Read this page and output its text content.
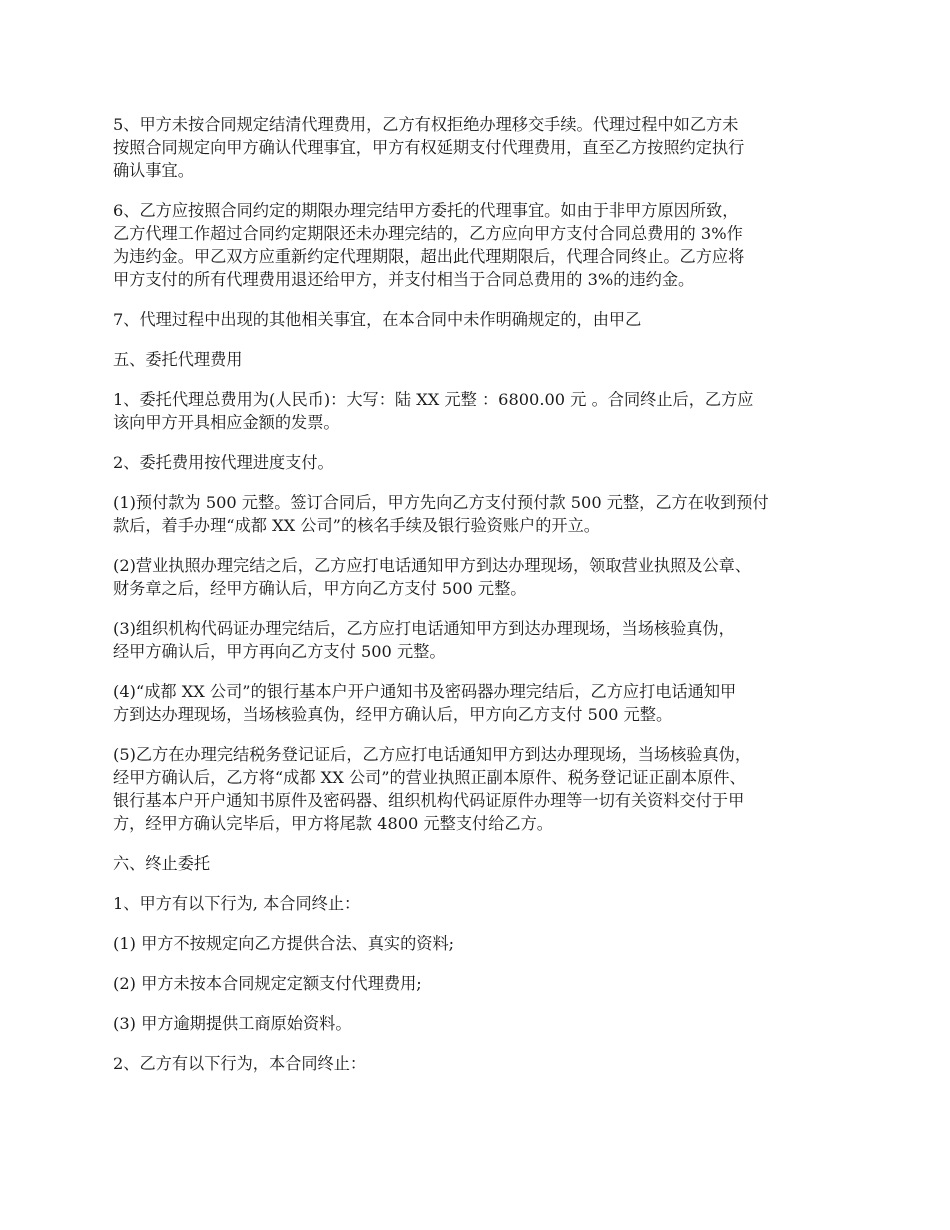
5、甲方未按合同规定结清代理费用，乙方有权拒绝办理移交手续。代理过程中如乙方未
按照合同规定向甲方确认代理事宜，甲方有权延期支付代理费用，直至乙方按照约定执行
确认事宜。

6、乙方应按照合同约定的期限办理完结甲方委托的代理事宜。如由于非甲方原因所致，
乙方代理工作超过合同约定期限还未办理完结的，乙方应向甲方支付合同总费用的 3%作
为违约金。甲乙双方应重新约定代理期限，超出此代理期限后，代理合同终止。乙方应将
甲方支付的所有代理费用退还给甲方，并支付相当于合同总费用的 3%的违约金。

7、代理过程中出现的其他相关事宜，在本合同中未作明确规定的，由甲乙

五、委托代理费用

1、委托代理总费用为(人民币)：大写：陆 XX 元整 ：6800.00 元 。合同终止后，乙方应
该向甲方开具相应金额的发票。

2、委托费用按代理进度支付。

(1)预付款为 500 元整。签订合同后，甲方先向乙方支付预付款 500 元整，乙方在收到预付
款后，着手办理“成都 XX 公司”的核名手续及银行验资账户的开立。

(2)营业执照办理完结之后，乙方应打电话通知甲方到达办理现场，领取营业执照及公章、
财务章之后，经甲方确认后，甲方向乙方支付 500 元整。

(3)组织机构代码证办理完结后，乙方应打电话通知甲方到达办理现场，当场核验真伪，
经甲方确认后，甲方再向乙方支付 500 元整。

(4)“成都 XX 公司”的银行基本户开户通知书及密码器办理完结后，乙方应打电话通知甲
方到达办理现场，当场核验真伪，经甲方确认后，甲方向乙方支付 500 元整。

(5)乙方在办理完结税务登记证后，乙方应打电话通知甲方到达办理现场，当场核验真伪，
经甲方确认后，乙方将“成都 XX 公司”的营业执照正副本原件、税务登记证正副本原件、
银行基本户开户通知书原件及密码器、组织机构代码证原件办理等一切有关资料交付于甲
方，经甲方确认完毕后，甲方将尾款 4800 元整支付给乙方。

六、终止委托

1、甲方有以下行为, 本合同终止：

(1) 甲方不按规定向乙方提供合法、真实的资料;

(2) 甲方未按本合同规定定额支付代理费用;

(3) 甲方逾期提供工商原始资料。

2、乙方有以下行为，本合同终止：
